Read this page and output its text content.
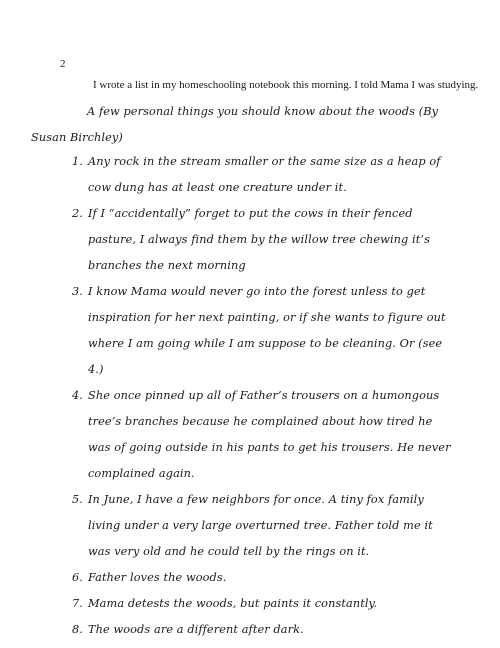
2
I wrote a list in my homeschooling notebook this morning. I told Mama I was studying.
A few personal things you should know about the woods (By Susan Birchley)
1. Any rock in the stream smaller or the same size as a heap of cow dung has at least one creature under it.
2. If I “accidentally” forget to put the cows in their fenced pasture, I always find them by the willow tree chewing it’s branches the next morning
3. I know Mama would never go into the forest unless to get inspiration for her next painting, or if she wants to figure out where I am going while I am suppose to be cleaning. Or (see 4.)
4. She once pinned up all of Father’s trousers on a humongous tree’s branches because he complained about how tired he was of going outside in his pants to get his trousers. He never complained again.
5. In June, I have a few neighbors for once. A tiny fox family living under a very large overturned tree. Father told me it was very old and he could tell by the rings on it.
6. Father loves the woods.
7. Mama detests the woods, but paints it constantly.
8. The woods are a different after dark.
